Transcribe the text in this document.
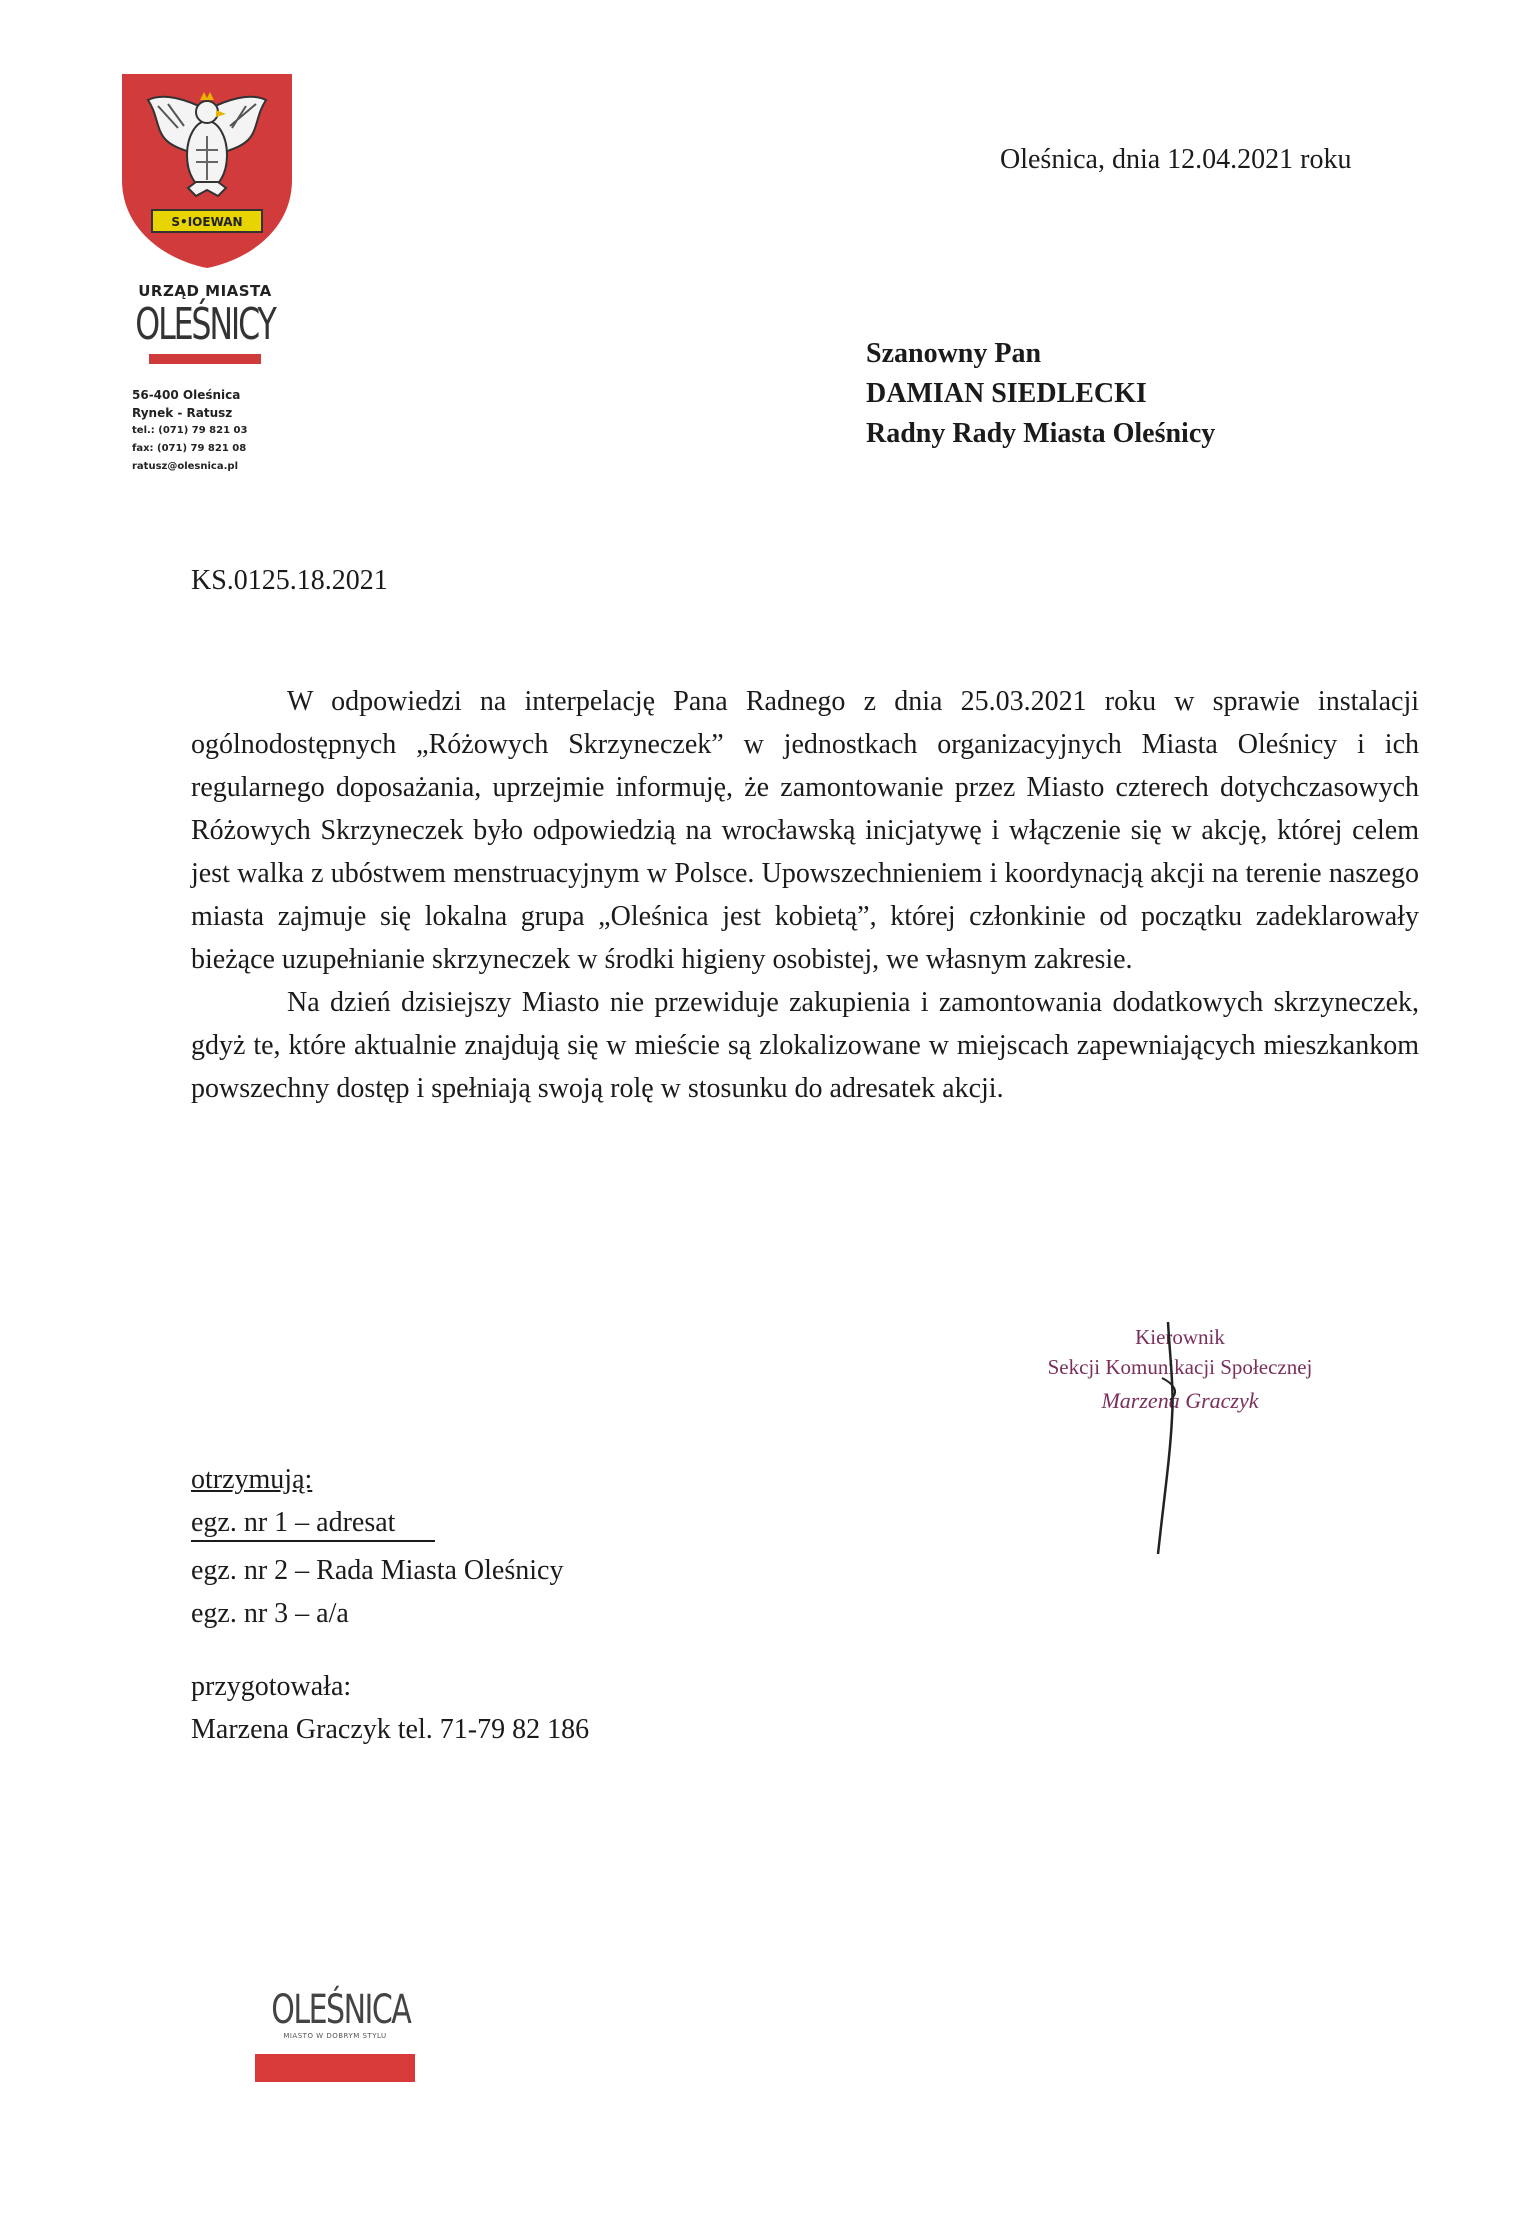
S•IOEWAN
URZĄD MIASTA
OLEŚNICY
56-400 Oleśnica
Rynek - Ratusz
tel.: (071) 79 821 03
fax: (071) 79 821 08
ratusz@olesnica.pl
Oleśnica, dnia 12.04.2021 roku
Szanowny Pan
DAMIAN SIEDLECKI
Radny Rady Miasta Oleśnicy
KS.0125.18.2021

W odpowiedzi na interpelację Pana Radnego z dnia 25.03.2021 roku w sprawie instalacji ogólnodostępnych „Różowych Skrzyneczek” w jednostkach organizacyjnych Miasta Oleśnicy i ich regularnego doposażania, uprzejmie informuję, że zamontowanie przez Miasto czterech dotychczasowych Różowych Skrzyneczek było odpowiedzią na wrocławską inicjatywę i włączenie się w akcję, której celem jest walka z ubóstwem menstruacyjnym w Polsce. Upowszechnieniem i koordynacją akcji na terenie naszego miasta zajmuje się lokalna grupa „Oleśnica jest kobietą”, której członkinie od początku zadeklarowały bieżące uzupełnianie skrzyneczek w środki higieny osobistej, we własnym zakresie.

Na dzień dzisiejszy Miasto nie przewiduje zakupienia i zamontowania dodatkowych skrzyneczek, gdyż te, które aktualnie znajdują się w mieście są zlokalizowane w miejscach zapewniających mieszkankom powszechny dostęp i spełniają swoją rolę w stosunku do adresatek akcji.

Kierownik
Sekcji Komunikacji Społecznej
Marzena Graczyk
otrzymują:
egz. nr 1 – adresat
egz. nr 2 – Rada Miasta Oleśnicy
egz. nr 3 – a/a
przygotowała:
Marzena Graczyk tel. 71-79 82 186
OLEŚNICA
MIASTO W DOBRYM STYLU
